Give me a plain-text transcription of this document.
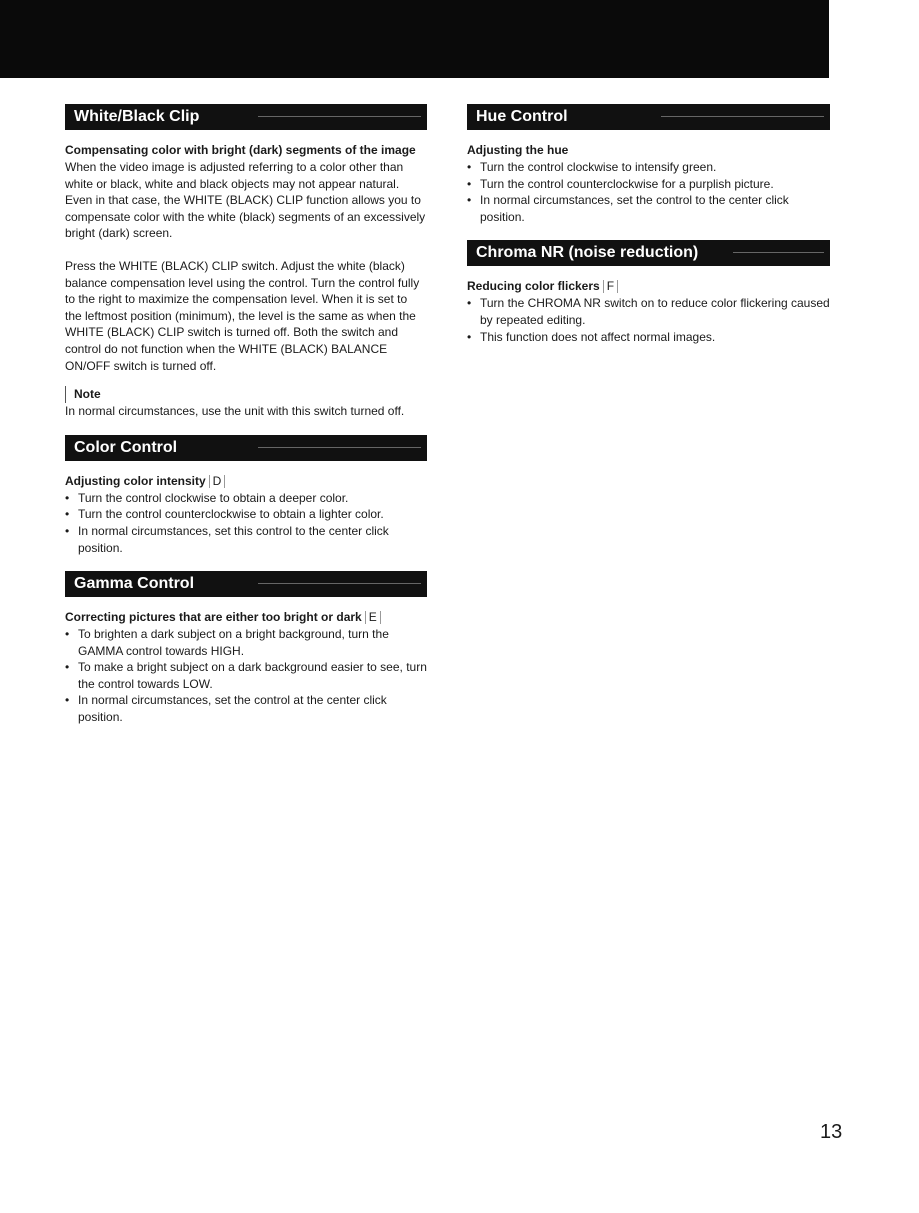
White/Black Clip

Compensating color with bright (dark) segments of the image

When the video image is adjusted referring to a color other than white or black, white and black objects may not appear natural. Even in that case, the WHITE (BLACK) CLIP function allows you to compensate color with the white (black) segments of an excessively bright (dark) screen.

Press the WHITE (BLACK) CLIP switch. Adjust the white (black) balance compensation level using the control. Turn the control fully to the right to maximize the compensation level. When it is set to the leftmost position (minimum), the level is the same as when the WHITE (BLACK) CLIP switch is turned off. Both the switch and control do not function when the WHITE (BLACK) BALANCE ON/OFF switch is turned off.

Note

In normal circumstances, use the unit with this switch turned off.

Color Control

Adjusting color intensity D

• Turn the control clockwise to obtain a deeper color.
• Turn the control counterclockwise to obtain a lighter color.
• In normal circumstances, set this control to the center click position.
Gamma Control

Correcting pictures that are either too bright or dark E

• To brighten a dark subject on a bright background, turn the GAMMA control towards HIGH.
• To make a bright subject on a dark background easier to see, turn the control towards LOW.
• In normal circumstances, set the control at the center click position.
Hue Control

Adjusting the hue

• Turn the control clockwise to intensify green.
• Turn the control counterclockwise for a purplish picture.
• In normal circumstances, set the control to the center click position.
Chroma NR (noise reduction)

Reducing color flickers F

• Turn the CHROMA NR switch on to reduce color flickering caused by repeated editing.
• This function does not affect normal images.
13
